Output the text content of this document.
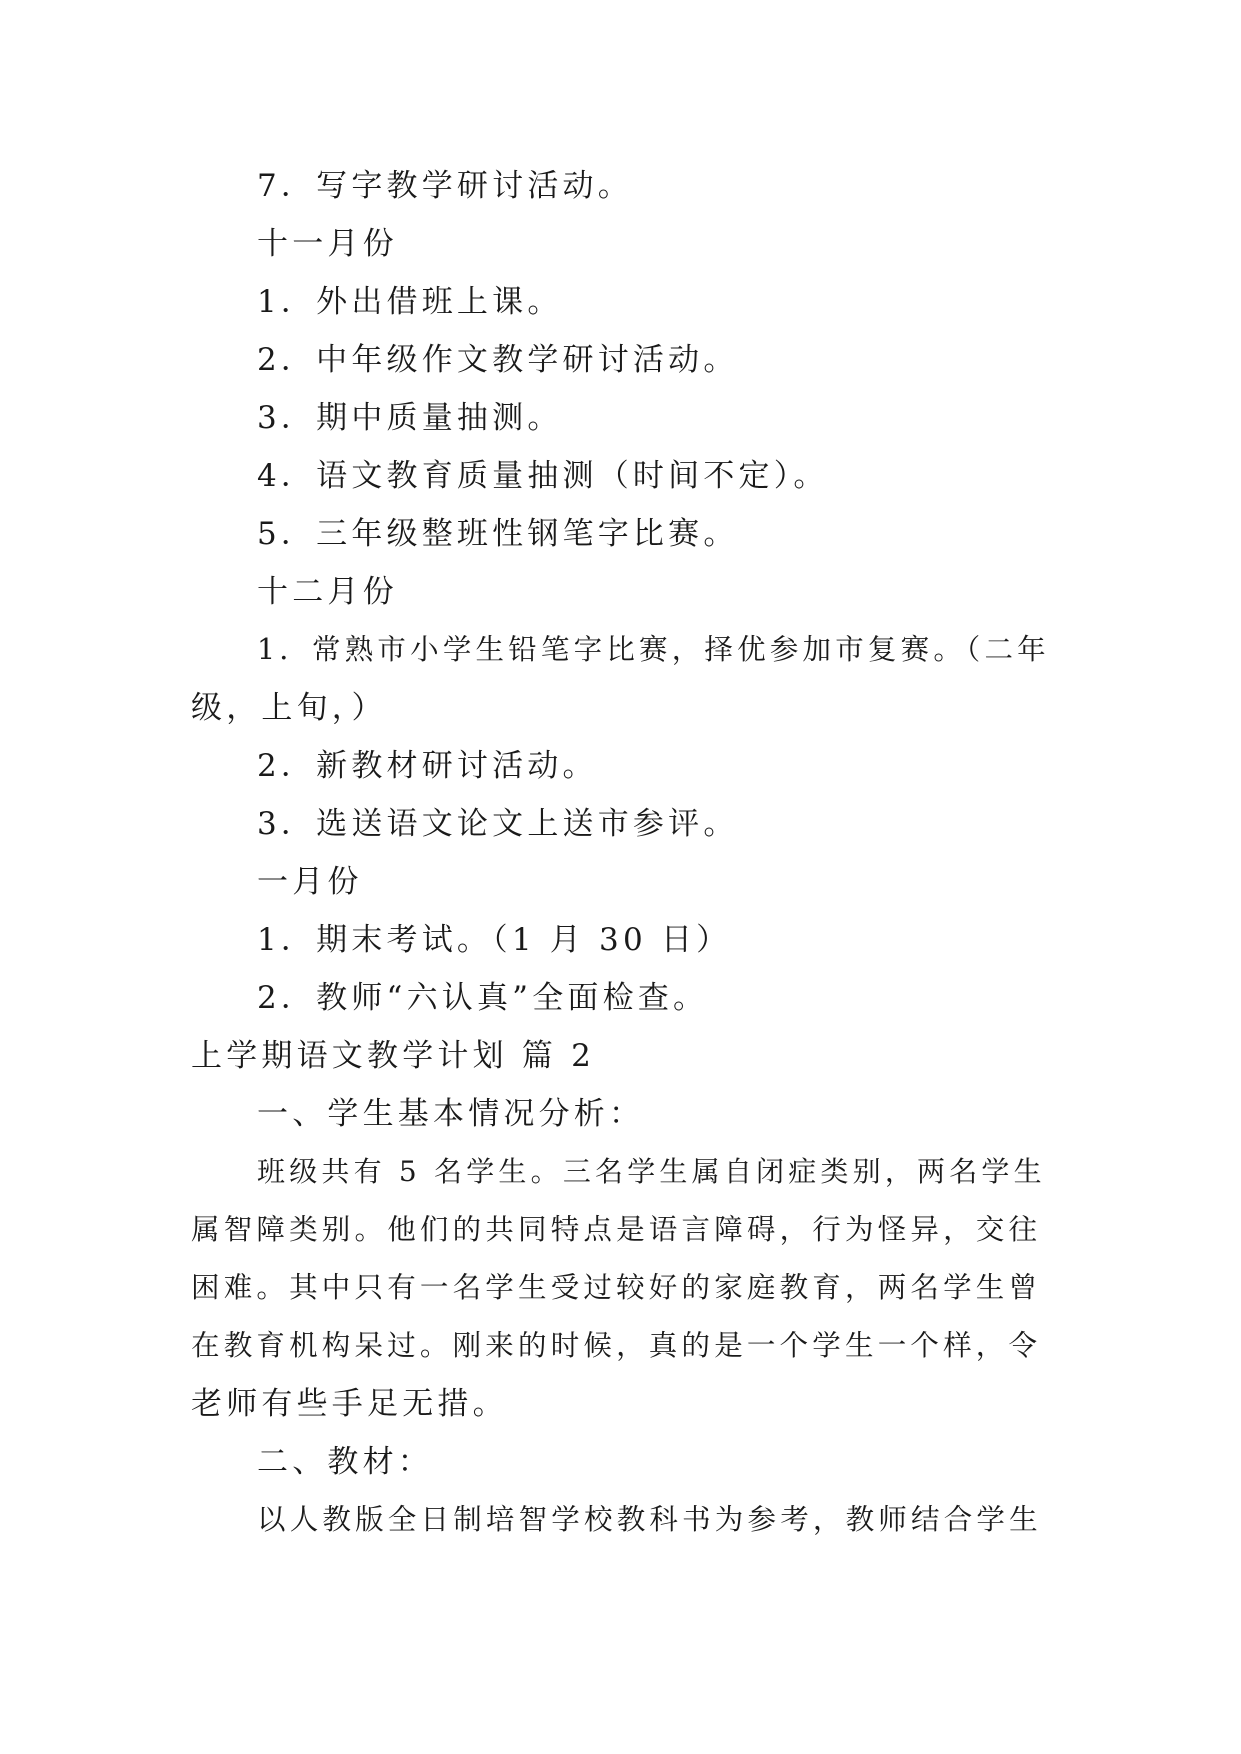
7．写字教学研讨活动。

十一月份

1．外出借班上课。

2．中年级作文教学研讨活动。

3．期中质量抽测。

4．语文教育质量抽测（时间不定）。

5．三年级整班性钢笔字比赛。

十二月份

1．常熟市小学生铅笔字比赛，择优参加市复赛。（二年

级，上旬，）

2．新教材研讨活动。

3．选送语文论文上送市参评。

一月份

1．期末考试。（1 月 30 日）

2．教师“六认真”全面检查。

上学期语文教学计划 篇 2

一、学生基本情况分析：

班级共有 5 名学生。三名学生属自闭症类别，两名学生

属智障类别。他们的共同特点是语言障碍，行为怪异，交往

困难。其中只有一名学生受过较好的家庭教育，两名学生曾

在教育机构呆过。刚来的时候，真的是一个学生一个样，令

老师有些手足无措。

二、教材：

以人教版全日制培智学校教科书为参考，教师结合学生
